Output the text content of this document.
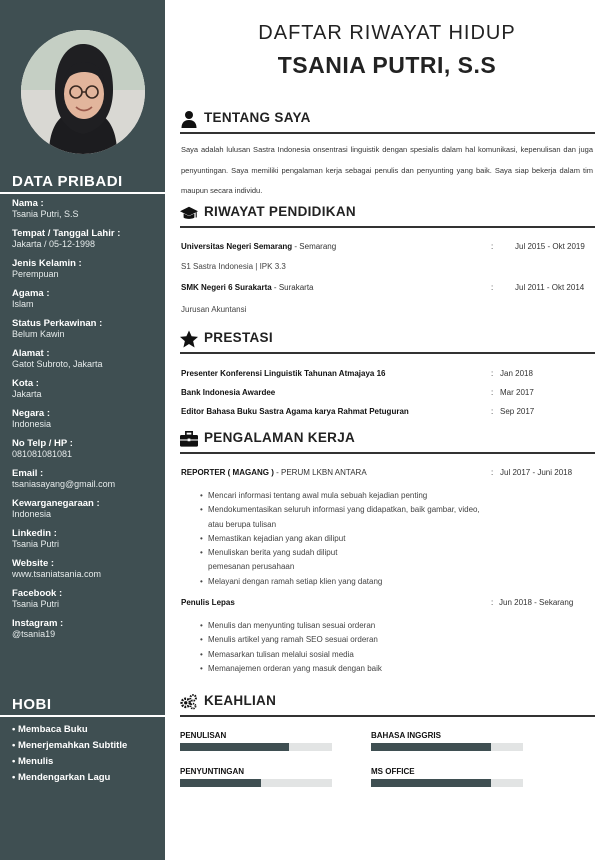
DATA PRIBADI
Nama :
Tsania Putri, S.S
Tempat / Tanggal Lahir :
Jakarta / 05-12-1998
Jenis Kelamin :
Perempuan
Agama :
Islam
Status Perkawinan :
Belum Kawin
Alamat :
Gatot Subroto, Jakarta
Kota :
Jakarta
Negara :
Indonesia
No Telp / HP :
081081081081
Email :
tsaniasayang@gmail.com
Kewarganegaraan :
Indonesia
Linkedin :
Tsania Putri
Website :
www.tsaniatsania.com
Facebook :
Tsania Putri
Instagram :
@tsania19
HOBI
• Membaca Buku
• Menerjemahkan Subtitle
• Menulis
• Mendengarkan Lagu
DAFTAR RIWAYAT HIDUP
TSANIA PUTRI, S.S
TENTANG SAYA

Saya adalah lulusan Sastra Indonesia onsentrasi linguistik dengan spesialis dalam hal komunikasi, kepenulisan dan juga penyuntingan. Saya memiliki pengalaman kerja sebagai penulis dan penyunting yang baik. Saya siap bekerja dalam tim maupun secara individu.

RIWAYAT PENDIDIKAN
Universitas Negeri Semarang - Semarang	:	Jul 2015 - Okt 2019
S1 Sastra Indonesia | IPK 3.3
SMK Negeri 6 Surakarta - Surakarta	:	Jul 2011 - Okt 2014
Jurusan Akuntansi
PRESTASI
Presenter Konferensi Linguistik Tahunan Atmajaya 16	: Jan 2018
Bank Indonesia Awardee	: Mar 2017
Editor Bahasa Buku Sastra Agama karya Rahmat Petuguran	: Sep 2017
PENGALAMAN KERJA
REPORTER ( MAGANG ) - PERUM LKBN ANTARA	: Jul 2017 - Juni 2018
• Mencari informasi tentang awal mula sebuah kejadian penting
• Mendokumentasikan seluruh informasi yang didapatkan, baik gambar, video,
atau berupa tulisan
• Memastikan kejadian yang akan diliput
• Menuliskan berita yang sudah diliput
pemesanan perusahaan
• Melayani dengan ramah setiap klien yang datang
Penulis Lepas	: Jun 2018 - Sekarang
• Menulis dan menyunting tulisan sesuai orderan
• Menulis artikel yang ramah SEO sesuai orderan
• Memasarkan tulisan melalui sosial media
• Memanajemen orderan yang masuk dengan baik
KEAHLIAN
PENULISAN	BAHASA INGGRIS
PENYUNTINGAN	MS OFFICE
